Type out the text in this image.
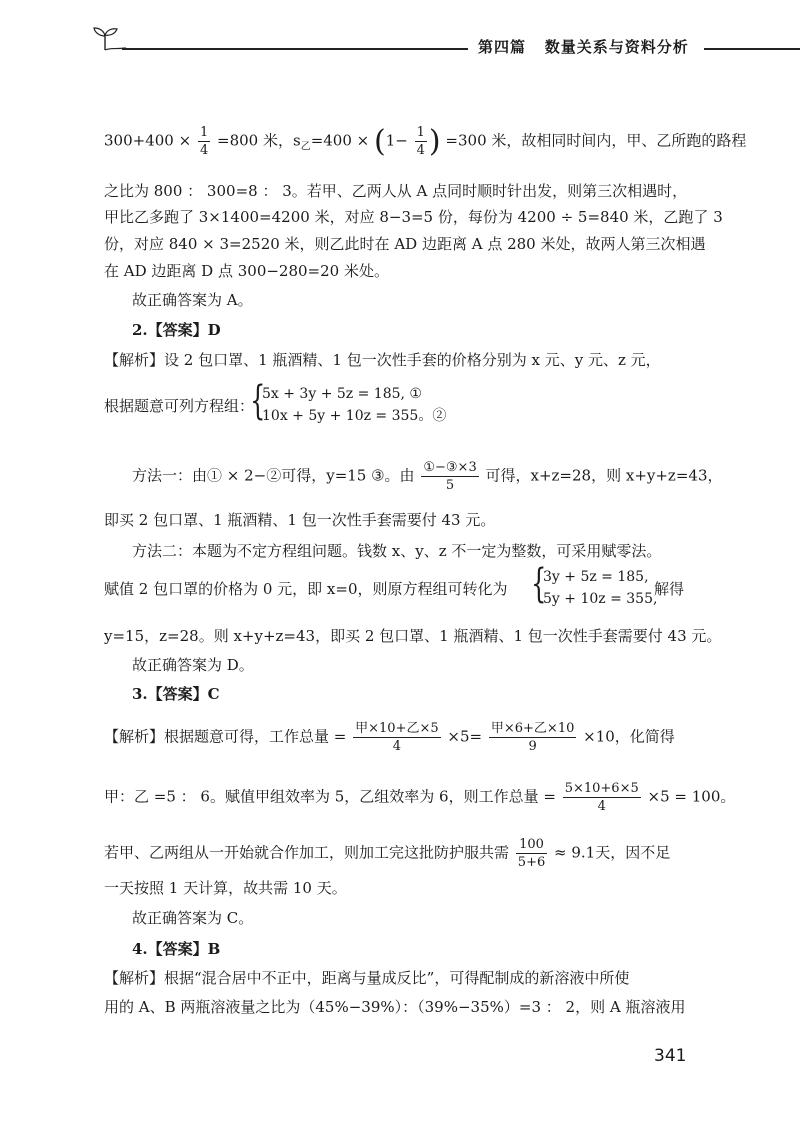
第四篇 数量关系与资料分析
$300+400 \times \frac{1}{4} =800$ 米，$s_乙=400 \times (1- \frac{1}{4}$ ) =300 米，故相同时间内，甲、乙所跑的路程
之比为 800 ： 300=8 ： 3。若甲、乙两人从 A 点同时顺时针出发，则第三次相遇时，
甲比乙多跑了 3×1400=4200 米，对应 8−3=5 份，每份为 4200 ÷ 5=840 米，乙跑了 3
份，对应 840 × 3=2520 米，则乙此时在 AD 边距离 A 点 280 米处，故两人第三次相遇
在 AD 边距离 D 点 300−280=20 米处。
故正确答案为 A。
2.【答案】D
【解析】设 2 包口罩、1 瓶酒精、1 包一次性手套的价格分别为 x 元、y 元、z 元，
根据题意可列方程组：
{
5x + 3y + 5z = 185, ①
10x + 5y + 10z = 355。②
方法一：由① × 2−②可得，y=15 ③。由 $\frac{\text{①−③×3}}{5}$ 可得，x+z=28，则 x+y+z=43，
即买 2 包口罩、1 瓶酒精、1 包一次性手套需要付 43 元。
方法二：本题为不定方程组问题。钱数 x、y、z 不一定为整数，可采用赋零法。
赋值 2 包口罩的价格为 0 元，即 x=0，则原方程组可转化为 {
3y + 5z = 185,
5y + 10z = 355,
解得
y=15，z=28。则 x+y+z=43，即买 2 包口罩、1 瓶酒精、1 包一次性手套需要付 43 元。
故正确答案为 D。
3.【答案】C
【解析】根据题意可得，工作总量 = $\frac{\text{甲×10+乙×5}}{4} \times 5= \frac{\text{甲×6+乙×10}}{9} \times 10$，化简得
甲：乙 =5 ： 6。赋值甲组效率为 5，乙组效率为 6，则工作总量 = $\frac{5\times 10+6\times 5}{4} \times 5 = 100$。
若甲、乙两组从一开始就合作加工，则加工完这批防护服共需 $\frac{100}{5+6} \approx 9.1$天，因不足
一天按照 1 天计算，故共需 10 天。
故正确答案为 C。
4.【答案】B
【解析】根据“混合居中不正中，距离与量成反比”，可得配制成的新溶液中所使
用的 A、B 两瓶溶液量之比为（45%−39%）：（39%−35%）=3 ： 2，则 A 瓶溶液用
341
